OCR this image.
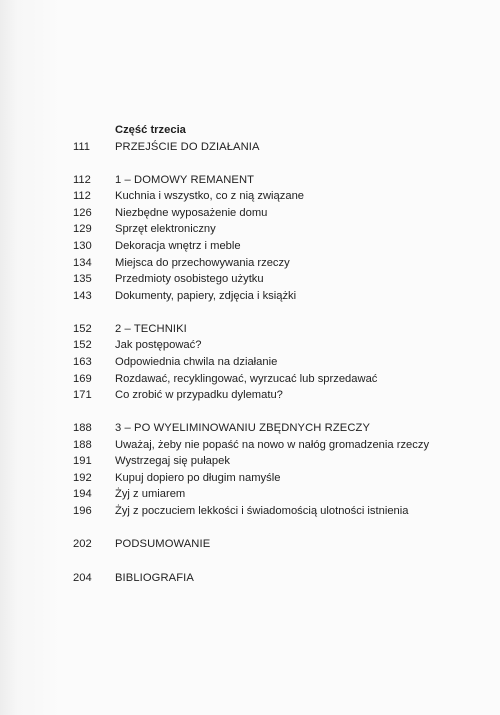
Część trzecia
111	PRZEJŚCIE DO DZIAŁANIA
112	1 – DOMOWY REMANENT
112	Kuchnia i wszystko, co z nią związane
126	Niezbędne wyposażenie domu
129	Sprzęt elektroniczny
130	Dekoracja wnętrz i meble
134	Miejsca do przechowywania rzeczy
135	Przedmioty osobistego użytku
143	Dokumenty, papiery, zdjęcia i książki
152	2 – TECHNIKI
152	Jak postępować?
163	Odpowiednia chwila na działanie
169	Rozdawać, recyklingować, wyrzucać lub sprzedawać
171	Co zrobić w przypadku dylematu?
188	3 – PO WYELIMINOWANIU ZBĘDNYCH RZECZY
188	Uważaj, żeby nie popaść na nowo w nałóg gromadzenia rzeczy
191	Wystrzegaj się pułapek
192	Kupuj dopiero po długim namyśle
194	Żyj z umiarem
196	Żyj z poczuciem lekkości i świadomością ulotności istnienia
202	PODSUMOWANIE
204	BIBLIOGRAFIA
